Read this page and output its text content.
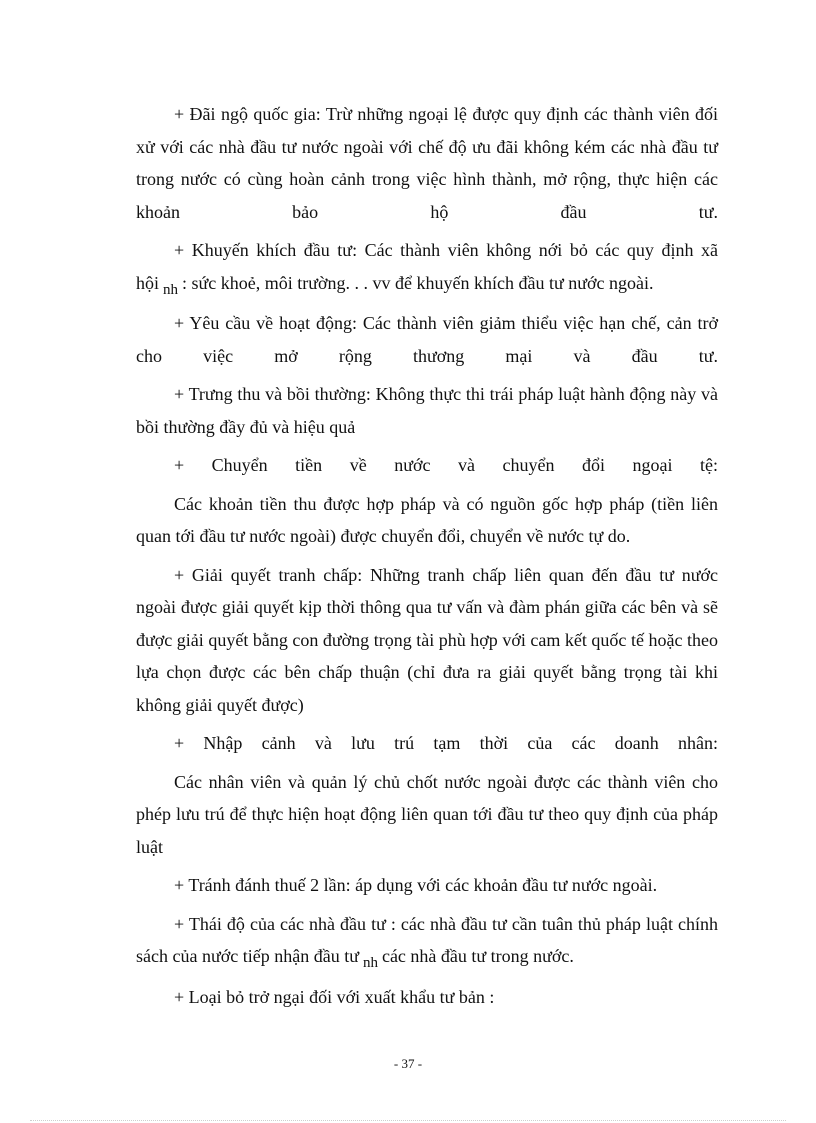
+ Đãi ngộ quốc gia: Trừ những ngoại lệ được quy định các thành viên đối xử với các nhà đầu tư nước ngoài với chế độ ưu đãi không kém các nhà đầu tư trong nước có cùng hoàn cảnh trong việc hình thành, mở rộng, thực hiện các khoản bảo hộ đầu tư.

+ Khuyến khích đầu tư: Các thành viên không nới bỏ các quy định xã hội $_{nh}$ : sức khoẻ, môi trường. . . vv để khuyến khích đầu tư nước ngoài.

+ Yêu cầu về hoạt động: Các thành viên giảm thiểu việc hạn chế, cản trở cho việc mở rộng thương mại và đầu tư.

+ Trưng thu và bồi thường: Không thực thi trái pháp luật hành động này và bồi thường đầy đủ và hiệu quả

+ Chuyển tiền về nước và chuyển đổi ngoại tệ:

Các khoản tiền thu được hợp pháp và có nguồn gốc hợp pháp (tiền liên quan tới đầu tư nước ngoài) được chuyển đổi, chuyển về nước tự do.

+ Giải quyết tranh chấp: Những tranh chấp liên quan đến đầu tư nước ngoài được giải quyết kịp thời thông qua tư vấn và đàm phán giữa các bên và sẽ được giải quyết bằng con đường trọng tài phù hợp với cam kết quốc tế hoặc theo lựa chọn được các bên chấp thuận (chỉ đưa ra giải quyết bằng trọng tài khi không giải quyết được)

+ Nhập cảnh và lưu trú tạm thời của các doanh nhân:

Các nhân viên và quản lý chủ chốt nước ngoài được các thành viên cho phép lưu trú để thực hiện hoạt động liên quan tới đầu tư theo quy định của pháp luật

+ Tránh đánh thuế 2 lần: áp dụng với các khoản đầu tư nước ngoài.

+ Thái độ của các nhà đầu tư : các nhà đầu tư cần tuân thủ pháp luật chính sách của nước tiếp nhận đầu tư $_{nh}$ các nhà đầu tư trong nước.

+ Loại bỏ trở ngại đối với xuất khẩu tư bản :

- 37 -
